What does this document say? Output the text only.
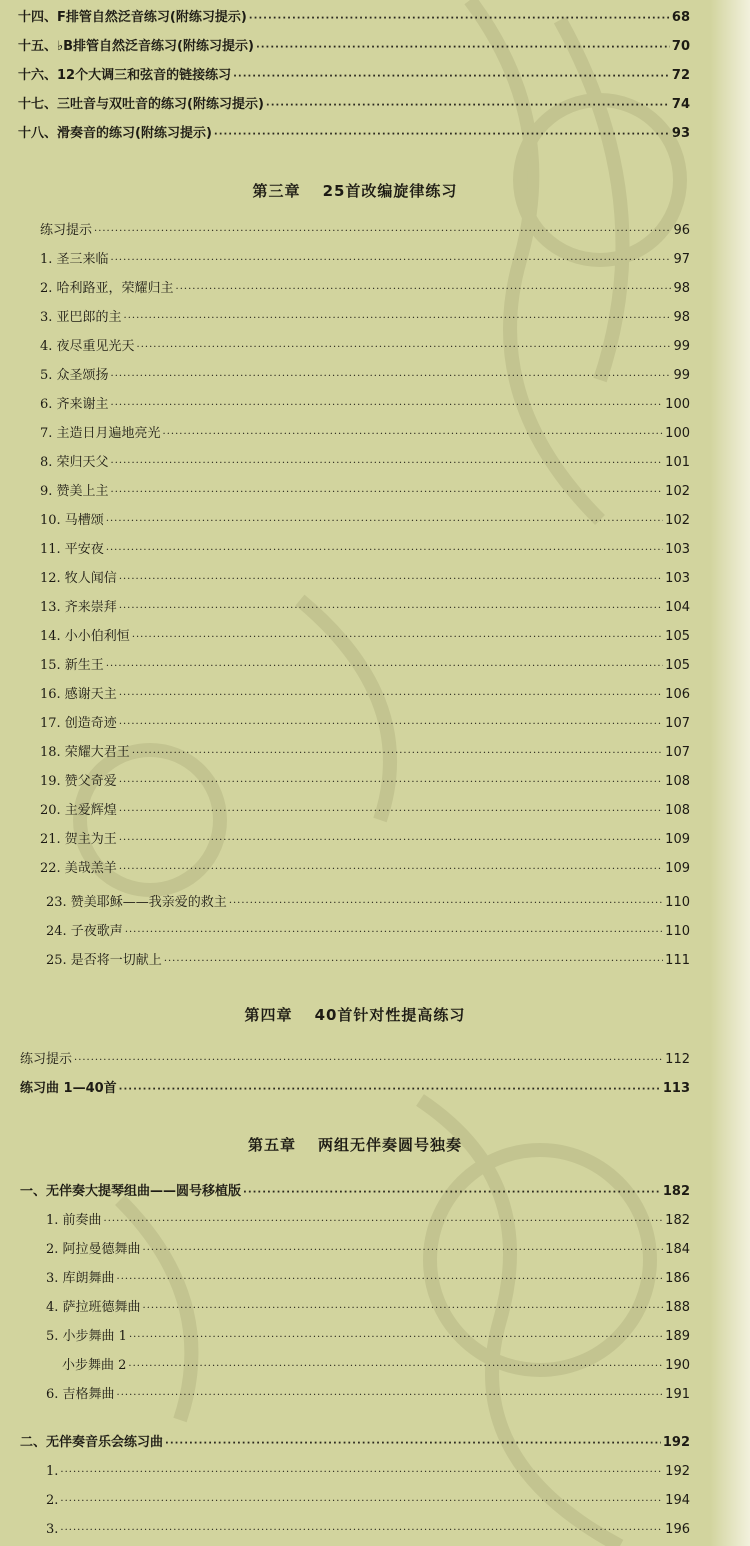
十四、F排管自然泛音练习(附练习提示) ·····	68
十五、♭B排管自然泛音练习(附练习提示) ·····	70
十六、12个大调三和弦音的链接练习 ·····	72
十七、三吐音与双吐音的练习(附练习提示) ·····	74
十八、滑奏音的练习(附练习提示) ·····	93
第三章 25首改编旋律练习
练习提示 ·····	96
1. 圣三来临 ·····	97
2. 哈利路亚，荣耀归主 ·····	98
3. 亚巴郎的主 ·····	98
4. 夜尽重见光天 ·····	99
5. 众圣颂扬 ·····	99
6. 齐来谢主 ·····	100
7. 主造日月遍地亮光 ·····	100
8. 荣归天父 ·····	101
9. 赞美上主 ·····	102
10. 马槽颂 ·····	102
11. 平安夜 ·····	103
12. 牧人闻信 ·····	103
13. 齐来崇拜 ·····	104
14. 小小伯利恒 ·····	105
15. 新生王 ·····	105
16. 感谢天主 ·····	106
17. 创造奇迹 ·····	107
18. 荣耀大君王 ·····	107
19. 赞父奇爱 ·····	108
20. 主爱辉煌 ·····	108
21. 贺主为王 ·····	109
22. 美哉羔羊 ·····	109
23. 赞美耶稣——我亲爱的救主 ·····	110
24. 子夜歌声 ·····	110
25. 是否将一切献上 ·····	111
第四章 40首针对性提高练习
练习提示 ·····	112
练习曲 1—40首 ·····	113
第五章 两组无伴奏圆号独奏
一、无伴奏大提琴组曲——圆号移植版 ·····	182
1. 前奏曲 ·····	182
2. 阿拉曼德舞曲 ·····	184
3. 库朗舞曲 ·····	186
4. 萨拉班德舞曲 ·····	188
5. 小步舞曲 1 ·····	189
小步舞曲 2 ·····	190
6. 吉格舞曲 ·····	191
二、无伴奏音乐会练习曲 ·····	192
1. ·····	192
2. ·····	194
3. ·····	196
